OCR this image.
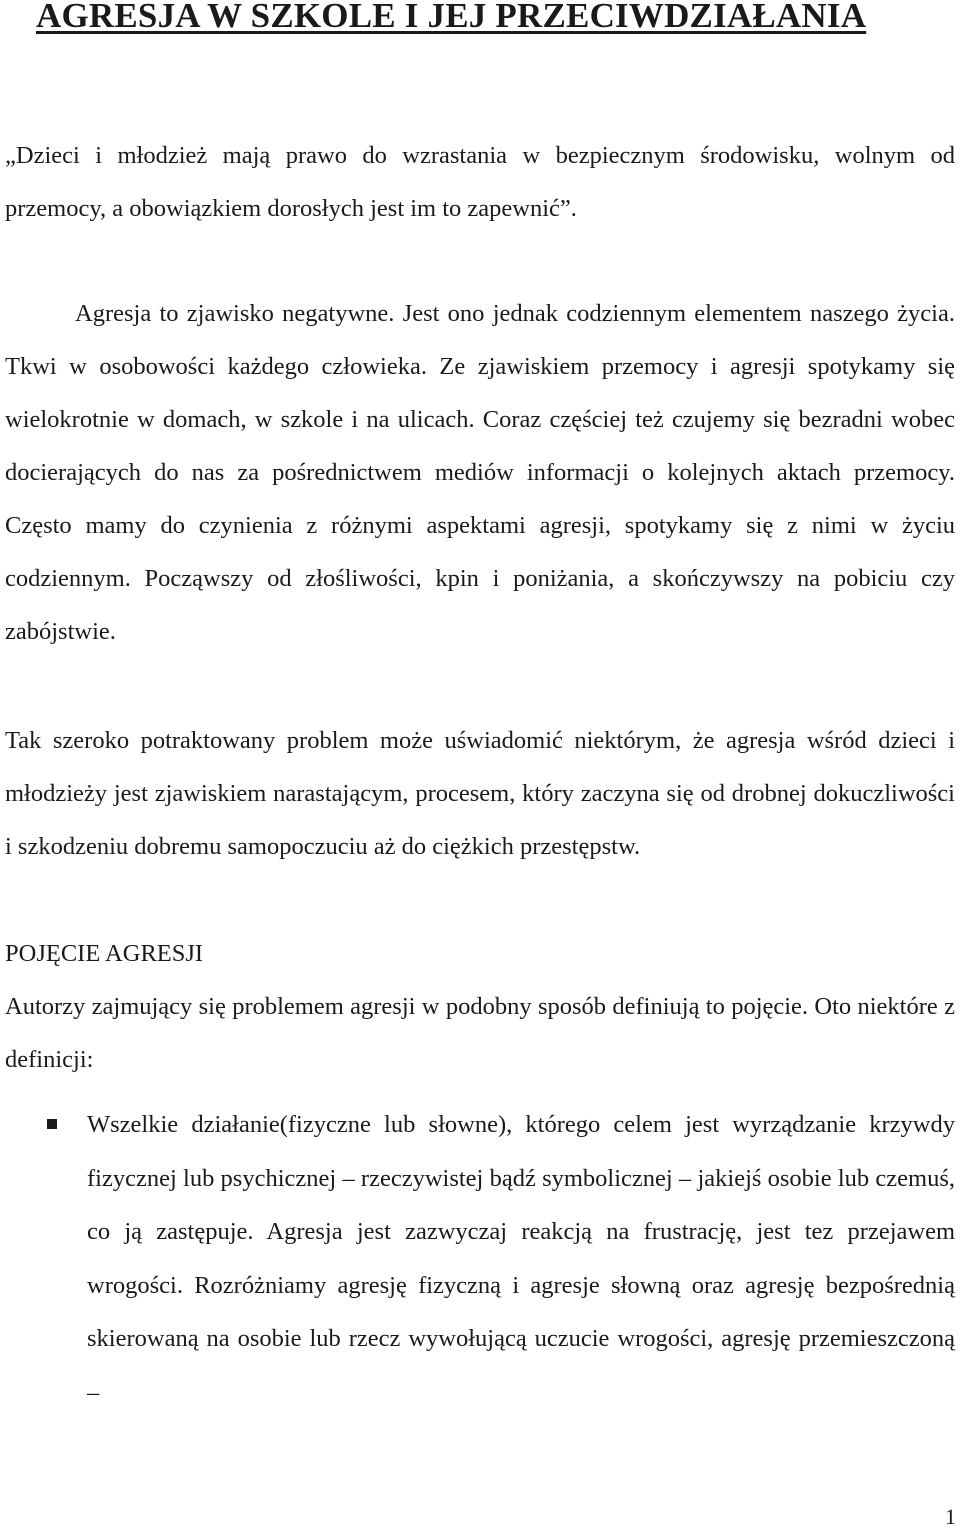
AGRESJA W SZKOLE I JEJ PRZECIWDZIAŁANIA

„Dzieci i młodzież mają prawo do wzrastania w bezpiecznym środowisku, wolnym od przemocy, a obowiązkiem dorosłych jest im to zapewnić”.

Agresja to zjawisko negatywne. Jest ono jednak codziennym elementem naszego życia. Tkwi w osobowości każdego człowieka. Ze zjawiskiem przemocy i agresji spotykamy się wielokrotnie w domach, w szkole i na ulicach. Coraz częściej też czujemy się bezradni wobec docierających do nas za pośrednictwem mediów informacji o kolejnych aktach przemocy. Często mamy do czynienia z różnymi aspektami agresji, spotykamy się z nimi w życiu codziennym. Począwszy od złośliwości, kpin i poniżania, a skończywszy na pobiciu czy zabójstwie.

Tak szeroko potraktowany problem może uświadomić niektórym, że agresja wśród dzieci i młodzieży jest zjawiskiem narastającym, procesem, który zaczyna się od drobnej dokuczliwości i szkodzeniu dobremu samopoczuciu aż do ciężkich przestępstw.

POJĘCIE AGRESJI

Autorzy zajmujący się problemem agresji w podobny sposób definiują to pojęcie. Oto niektóre z definicji:

Wszelkie działanie(fizyczne lub słowne), którego celem jest wyrządzanie krzywdy fizycznej lub psychicznej – rzeczywistej bądź symbolicznej – jakiejś osobie lub czemuś, co ją zastępuje. Agresja jest zazwyczaj reakcją na frustrację, jest tez przejawem wrogości. Rozróżniamy agresję fizyczną i agresje słowną oraz agresję bezpośrednią skierowaną na osobie lub rzecz wywołującą uczucie wrogości, agresję przemieszczoną –
1
